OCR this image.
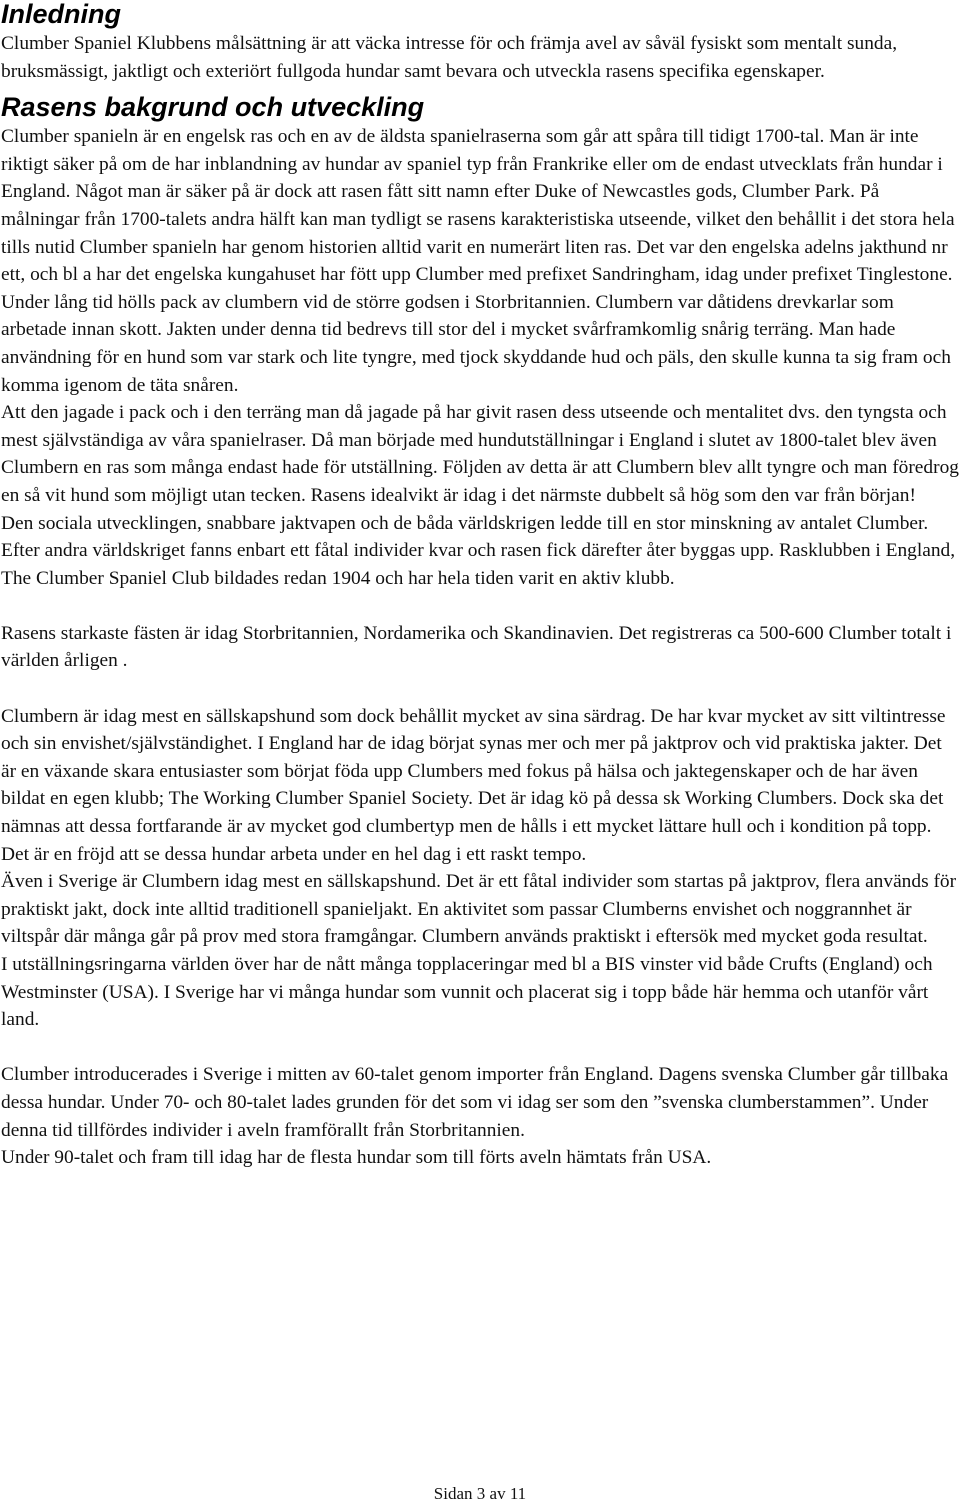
Inledning

Clumber Spaniel Klubbens målsättning är att väcka intresse för och främja avel av såväl fysiskt som mentalt sunda, bruksmässigt, jaktligt och exteriört fullgoda hundar samt bevara och utveckla rasens specifika egenskaper.

Rasens bakgrund och utveckling

Clumber spanieln är en engelsk ras och en av de äldsta spanielraserna som går att spåra till tidigt 1700-tal. Man är inte riktigt säker på om de har inblandning av hundar av spaniel typ från Frankrike eller om de endast utvecklats från hundar i England. Något man är säker på är dock att rasen fått sitt namn efter Duke of Newcastles gods, Clumber Park. På målningar från 1700-talets andra hälft kan man tydligt se rasens karakteristiska utseende, vilket den behållit i det stora hela tills nutid Clumber spanieln har genom historien alltid varit en numerärt liten ras. Det var den engelska adelns jakthund nr ett, och bl a har det engelska kungahuset har fött upp Clumber med prefixet Sandringham, idag under prefixet Tinglestone. Under lång tid hölls pack av clumbern vid de större godsen i Storbritannien. Clumbern var dåtidens drevkarlar som arbetade innan skott. Jakten under denna tid bedrevs till stor del i mycket svårframkomlig snårig terräng. Man hade användning för en hund som var stark och lite tyngre, med tjock skyddande hud och päls, den skulle kunna ta sig fram och komma igenom de täta snåren.

Att den jagade i pack och i den terräng man då jagade på har givit rasen dess utseende och mentalitet dvs. den tyngsta och mest självständiga av våra spanielraser. Då man började med hundutställningar i England i slutet av 1800-talet blev även Clumbern en ras som många endast hade för utställning. Följden av detta är att Clumbern blev allt tyngre och man föredrog en så vit hund som möjligt utan tecken. Rasens idealvikt är idag i det närmste dubbelt så hög som den var från början!

Den sociala utvecklingen, snabbare jaktvapen och de båda världskrigen ledde till en stor minskning av antalet Clumber. Efter andra världskriget fanns enbart ett fåtal individer kvar och rasen fick därefter åter byggas upp. Rasklubben i England, The Clumber Spaniel Club bildades redan 1904 och har hela tiden varit en aktiv klubb.

Rasens starkaste fästen är idag Storbritannien, Nordamerika och Skandinavien. Det registreras ca 500-600 Clumber totalt i världen årligen .

Clumbern är idag mest en sällskapshund som dock behållit mycket av sina särdrag. De har kvar mycket av sitt viltintresse och sin envishet/självständighet. I England har de idag börjat synas mer och mer på jaktprov och vid praktiska jakter. Det är en växande skara entusiaster som börjat föda upp Clumbers med fokus på hälsa och jaktegenskaper och de har även bildat en egen klubb; The Working Clumber Spaniel Society. Det är idag kö på dessa sk Working Clumbers. Dock ska det nämnas att dessa fortfarande är av mycket god clumbertyp men de hålls i ett mycket lättare hull och i kondition på topp. Det är en fröjd att se dessa hundar arbeta under en hel dag i ett raskt tempo.

Även i Sverige är Clumbern idag mest en sällskapshund. Det är ett fåtal individer som startas på jaktprov, flera används för praktiskt jakt, dock inte alltid traditionell spanieljakt. En aktivitet som passar Clumberns envishet och noggrannhet är viltspår där många går på prov med stora framgångar. Clumbern används praktiskt i eftersök med mycket goda resultat.

I utställningsringarna världen över har de nått många topplaceringar med bl a BIS vinster vid både Crufts (England) och Westminster (USA). I Sverige har vi många hundar som vunnit och placerat sig i topp både här hemma och utanför vårt land.

Clumber introducerades i Sverige i mitten av 60-talet genom importer från England. Dagens svenska Clumber går tillbaka dessa hundar. Under 70- och 80-talet lades grunden för det som vi idag ser som den ”svenska clumberstammen”. Under denna tid tillfördes individer i aveln framförallt från Storbritannien.

Under 90-talet och fram till idag har de flesta hundar som till förts aveln hämtats från USA.

Sidan 3 av 11
